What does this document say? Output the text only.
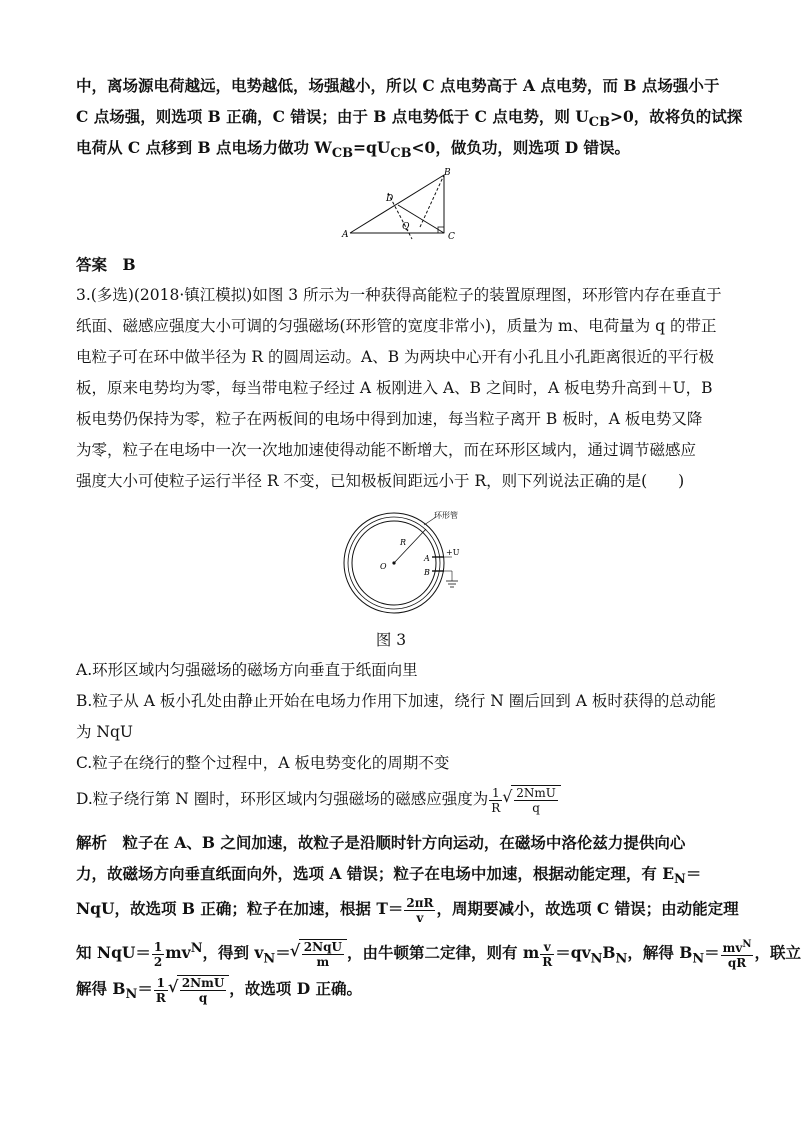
中，离场源电荷越远，电势越低，场强越小，所以 C 点电势高于 A 点电势，而 B 点场强小于
C 点场强，则选项 B 正确，C 错误；由于 B 点电势低于 C 点电势，则 $U_{CB}>0$，故将负的试探
电荷从 C 点移到 B 点电场力做功 $W_{CB}=qU_{CB}<0$，做负功，则选项 D 错误。
A
B
C
D
Q
答案　B
3.(多选)(2018·镇江模拟)如图 3 所示为一种获得高能粒子的装置原理图，环形管内存在垂直于
纸面、磁感应强度大小可调的匀强磁场(环形管的宽度非常小)，质量为 m、电荷量为 q 的带正
电粒子可在环中做半径为 R 的圆周运动。A、B 为两块中心开有小孔且小孔距离很近的平行极
板，原来电势均为零，每当带电粒子经过 A 板刚进入 A、B 之间时，A 板电势升高到＋U，B
板电势仍保持为零，粒子在两板间的电场中得到加速，每当粒子离开 B 板时，A 板电势又降
为零，粒子在电场中一次一次地加速使得动能不断增大，而在环形区域内，通过调节磁感应
强度大小可使粒子运行半径 R 不变，已知极板间距远小于 R，则下列说法正确的是(　　)
环形管
R
O
A
B
+U
图 3
A.环形区域内匀强磁场的磁场方向垂直于纸面向里
B.粒子从 A 板小孔处由静止开始在电场力作用下加速，绕行 N 圈后回到 A 板时获得的总动能
为 NqU
C.粒子在绕行的整个过程中，A 板电势变化的周期不变
D.粒子绕行第 N 圈时，环形区域内匀强磁场的磁感应强度为 $\frac{1}{R}$ √ $\frac{\text{2NmU}}{q}$
解析　粒子在 A、B 之间加速，故粒子是沿顺时针方向运动，在磁场中洛伦兹力提供向心
力，故磁场方向垂直纸面向外，选项 A 错误；粒子在电场中加速，根据动能定理，有 $E_N=$
NqU，故选项 B 正确；粒子在加速，根据 $T= \frac{2\pi R}{v}$ ，周期要减小，故选项 C 错误；由动能定理
知 $NqU= \frac{1}{2} mv^N$，得到 $v_N=$ √ $\frac{\text{2NqU}}{m}$ ，由牛顿第二定律，则有 m $\frac{v}{R} =qv_NB_N$，解得 $B_N= \frac{mv^N}{qR}$ ，联立
解得 $B_N= \frac{1}{R}$ √ $\frac{\text{2NmU}}{q}$ ，故选项 D 正确。
